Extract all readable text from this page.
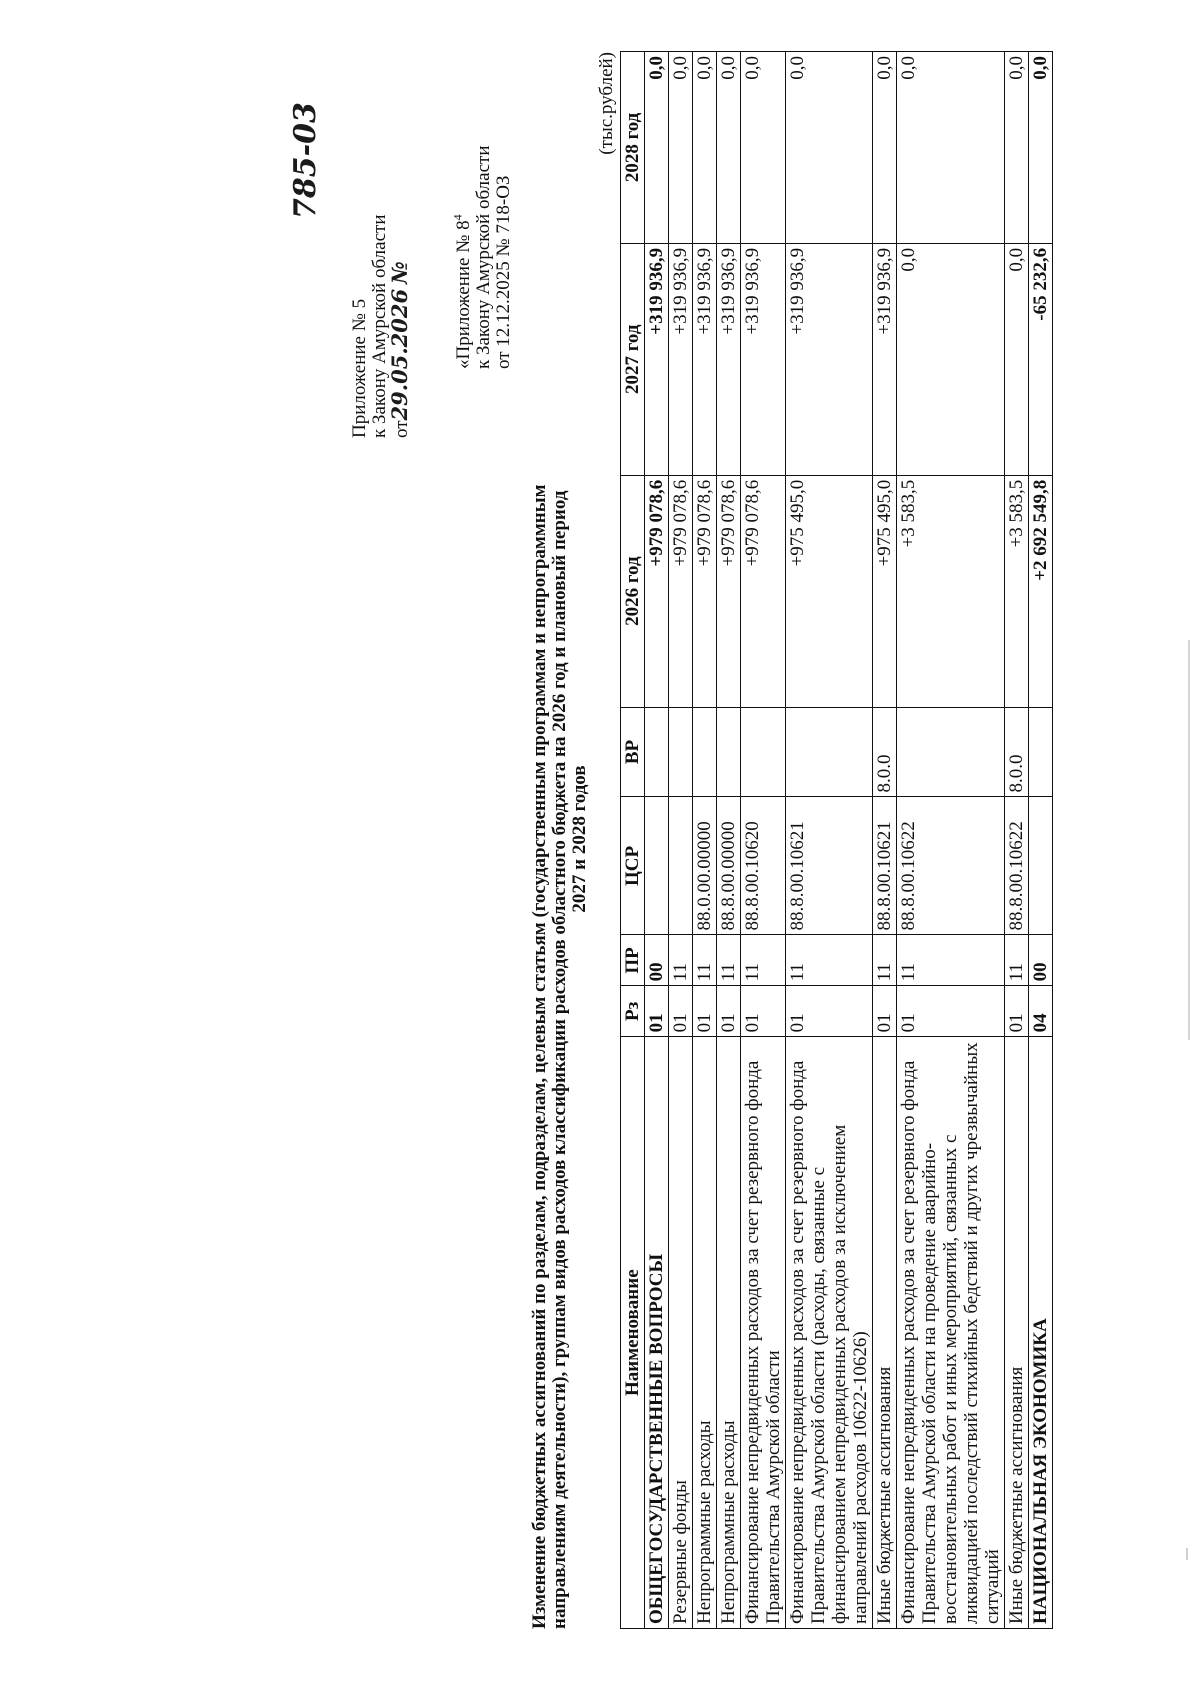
Приложение № 5 к Закону Амурской области от29.05.2026 №
785-03
«Приложение № $8^4$ к Закону Амурской области от 12.12.2025 № 718-ОЗ
Изменение бюджетных ассигнований по разделам, подразделам, целевым статьям (государственным программам и непрограммным направлениям деятельности), группам видов расходов классификации расходов областного бюджета на 2026 год и плановый период 2027 и 2028 годов
(тыс.рублей)
Наименование	Рз	ПР	ЦСР	ВР	2026 год	2027 год	2028 год
ОБЩЕГОСУДАРСТВЕННЫЕ ВОПРОСЫ	01	00			+979 078,6	+319 936,9	0,0
Резервные фонды	01	11			+979 078,6	+319 936,9	0,0
Непрограммные расходы	01	11	88.0.00.00000		+979 078,6	+319 936,9	0,0
Непрограммные расходы	01	11	88.8.00.00000		+979 078,6	+319 936,9	0,0
Финансирование непредвиденных расходов за счет резервного фонда Правительства Амурской области	01	11	88.8.00.10620		+979 078,6	+319 936,9	0,0
Финансирование непредвиденных расходов за счет резервного фонда Правительства Амурской области (расходы, связанные с финансированием непредвиденных расходов за исключением направлений расходов 10622-10626)	01	11	88.8.00.10621		+975 495,0	+319 936,9	0,0
Иные бюджетные ассигнования	01	11	88.8.00.10621	8.0.0	+975 495,0	+319 936,9	0,0
Финансирование непредвиденных расходов за счет резервного фонда Правительства Амурской области на проведение аварийно-восстановительных работ и иных мероприятий, связанных с ликвидацией последствий стихийных бедствий и других чрезвычайных ситуаций	01	11	88.8.00.10622		+3 583,5	0,0	0,0
Иные бюджетные ассигнования	01	11	88.8.00.10622	8.0.0	+3 583,5	0,0	0,0
НАЦИОНАЛЬНАЯ ЭКОНОМИКА	04	00			+2 692 549,8	-65 232,6	0,0
